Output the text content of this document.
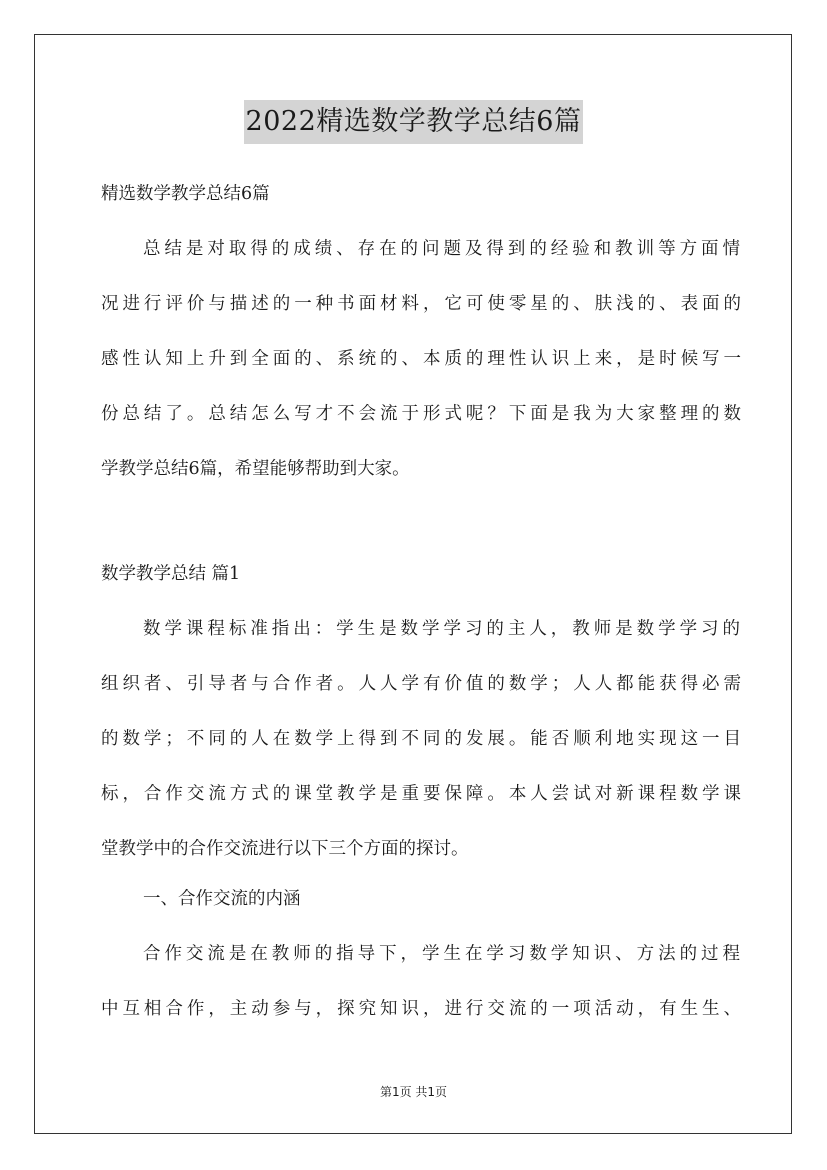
2022精选数学教学总结6篇
精选数学教学总结6篇
总结是对取得的成绩、存在的问题及得到的经验和教训等方面情
况进行评价与描述的一种书面材料，它可使零星的、肤浅的、表面的
感性认知上升到全面的、系统的、本质的理性认识上来，是时候写一
份总结了。总结怎么写才不会流于形式呢？下面是我为大家整理的数
学教学总结6篇，希望能够帮助到大家。
数学教学总结 篇1
数学课程标准指出：学生是数学学习的主人，教师是数学学习的
组织者、引导者与合作者。人人学有价值的数学；人人都能获得必需
的数学；不同的人在数学上得到不同的发展。能否顺利地实现这一目
标，合作交流方式的课堂教学是重要保障。本人尝试对新课程数学课
堂教学中的合作交流进行以下三个方面的探讨。
一、合作交流的内涵
合作交流是在教师的指导下，学生在学习数学知识、方法的过程
中互相合作，主动参与，探究知识，进行交流的一项活动，有生生、
第1页 共1页
